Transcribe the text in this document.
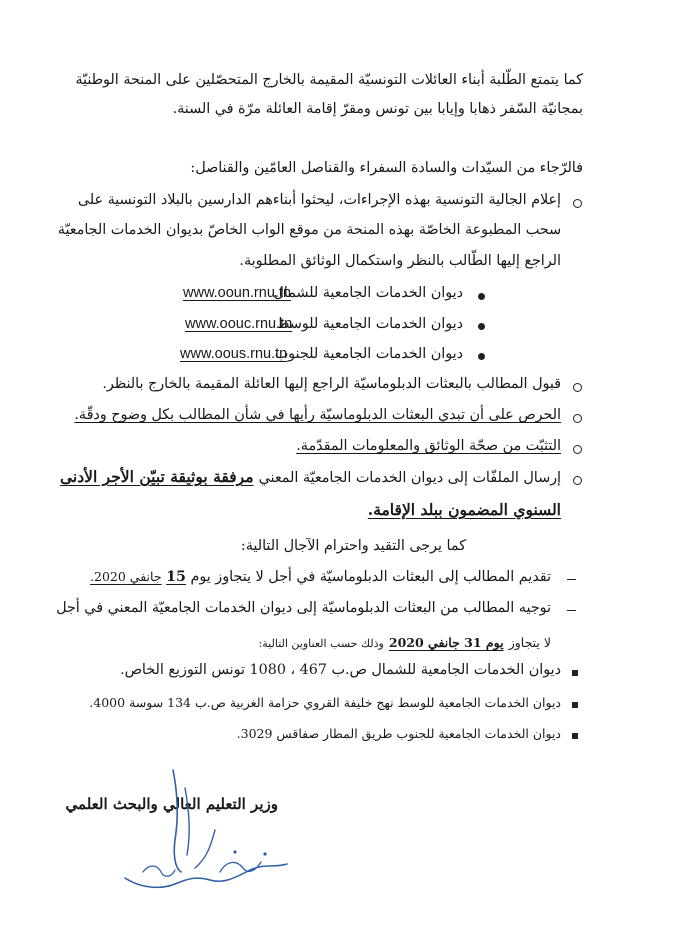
كما يتمتع الطّلبة أبناء العائلات التونسيّة المقيمة بالخارج المتحصّلين على المنحة الوطنيّة
بمجانيّة السّفر ذهابا وإيابا بين تونس ومقرّ إقامة العائلة مرّة في السنة.
فالرّجاء من السيّدات والسادة السفراء والقناصل العامّين والقناصل:
إعلام الجالية التونسية بهذه الإجراءات، ليحثوا أبناءهم الدارسين بالبلاد التونسية على
سحب المطبوعة الخاصّة بهذه المنحة من موقع الواب الخاصّ بديوان الخدمات الجامعيّة
الراجع إليها الطّالب بالنظر واستكمال الوثائق المطلوبة.
ديوان الخدمات الجامعية للشمال
www.ooun.rnu.tn
ديوان الخدمات الجامعية للوسط
www.oouc.rnu.tn
ديوان الخدمات الجامعية للجنوب
www.oous.rnu.tn
قبول المطالب بالبعثات الدبلوماسيّة الراجع إليها العائلة المقيمة بالخارج بالنظر.
الحرص على أن تبدي البعثات الدبلوماسيّة رأيها في شأن المطالب بكل وضوح ودقّة.
التثبّت من صحّة الوثائق والمعلومات المقدّمة.
إرسال الملفّات إلى ديوان الخدمات الجامعيّة المعني مرفقة بوثيقة تبيّن الأجر الأدنى
السنوي المضمون ببلد الإقامة.
كما يرجى التقيد واحترام الآجال التالية:
تقديم المطالب إلى البعثات الدبلوماسيّة في أجل لا يتجاوز يوم 15 جانفي 2020.
توجيه المطالب من البعثات الدبلوماسيّة إلى ديوان الخدمات الجامعيّة المعني في أجل
لا يتجاوز يوم 31 جانفي 2020 وذلك حسب العناوين التالية:
ديوان الخدمات الجامعية للشمال ص.ب 467 ، 1080 تونس التوزيع الخاص.
ديوان الخدمات الجامعية للوسط نهج خليفة القروي حزامة الغربية ص.ب 134 سوسة 4000.
ديوان الخدمات الجامعية للجنوب طريق المطار صفاقس 3029.
وزير التعليم العالي والبحث العلمي
